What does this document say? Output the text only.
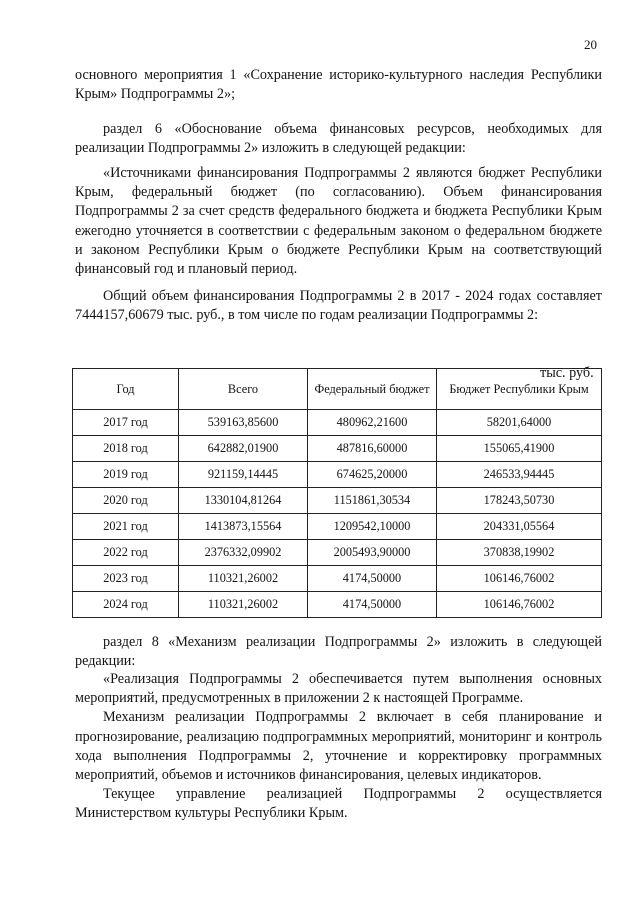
20

основного мероприятия 1 «Сохранение историко-культурного наследия Республики Крым» Подпрограммы 2»;

раздел 6 «Обоснование объема финансовых ресурсов, необходимых для реализации Подпрограммы 2» изложить в следующей редакции:

«Источниками финансирования Подпрограммы 2 являются бюджет Республики Крым, федеральный бюджет (по согласованию). Объем финансирования Подпрограммы 2 за счет средств федерального бюджета и бюджета Республики Крым ежегодно уточняется в соответствии с федеральным законом о федеральном бюджете и законом Республики Крым о бюджете Республики Крым на соответствующий финансовый год и плановый период.

Общий объем финансирования Подпрограммы 2 в 2017 - 2024 годах составляет 7444157,60679 тыс. руб., в том числе по годам реализации Подпрограммы 2:

тыс. руб.
Год	Всего	Федеральный бюджет	Бюджет Республики Крым
2017 год	539163,85600	480962,21600	58201,64000
2018 год	642882,01900	487816,60000	155065,41900
2019 год	921159,14445	674625,20000	246533,94445
2020 год	1330104,81264	1151861,30534	178243,50730
2021 год	1413873,15564	1209542,10000	204331,05564
2022 год	2376332,09902	2005493,90000	370838,19902
2023 год	110321,26002	4174,50000	106146,76002
2024 год	110321,26002	4174,50000	106146,76002

раздел 8 «Механизм реализации Подпрограммы 2» изложить в следующей редакции:

«Реализация Подпрограммы 2 обеспечивается путем выполнения основных мероприятий, предусмотренных в приложении 2 к настоящей Программе.

Механизм реализации Подпрограммы 2 включает в себя планирование и прогнозирование, реализацию подпрограммных мероприятий, мониторинг и контроль хода выполнения Подпрограммы 2, уточнение и корректировку программных мероприятий, объемов и источников финансирования, целевых индикаторов.

Текущее управление реализацией Подпрограммы 2 осуществляется Министерством культуры Республики Крым.
